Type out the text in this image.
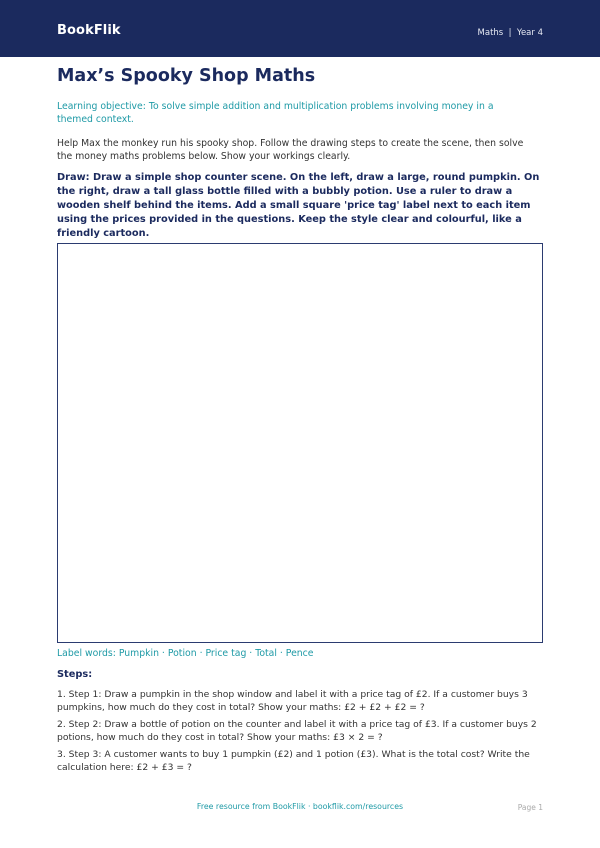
BookFlik	Maths  |  Year 4
Max’s Spooky Shop Maths

Learning objective: To solve simple addition and multiplication problems involving money in a themed context.

Help Max the monkey run his spooky shop. Follow the drawing steps to create the scene, then solve the money maths problems below. Show your workings clearly.

Draw: Draw a simple shop counter scene. On the left, draw a large, round pumpkin. On the right, draw a tall glass bottle filled with a bubbly potion. Use a ruler to draw a wooden shelf behind the items. Add a small square 'price tag' label next to each item using the prices provided in the questions. Keep the style clear and colourful, like a friendly cartoon.

Label words: Pumpkin · Potion · Price tag · Total · Pence

Steps:
1. Step 1: Draw a pumpkin in the shop window and label it with a price tag of £2. If a customer buys 3 pumpkins, how much do they cost in total? Show your maths: £2 + £2 + £2 = ?
2. Step 2: Draw a bottle of potion on the counter and label it with a price tag of £3. If a customer buys 2 potions, how much do they cost in total? Show your maths: £3 × 2 = ?
3. Step 3: A customer wants to buy 1 pumpkin (£2) and 1 potion (£3). What is the total cost? Write the calculation here: £2 + £3 = ?
Free resource from BookFlik · bookflik.com/resources	Page 1
